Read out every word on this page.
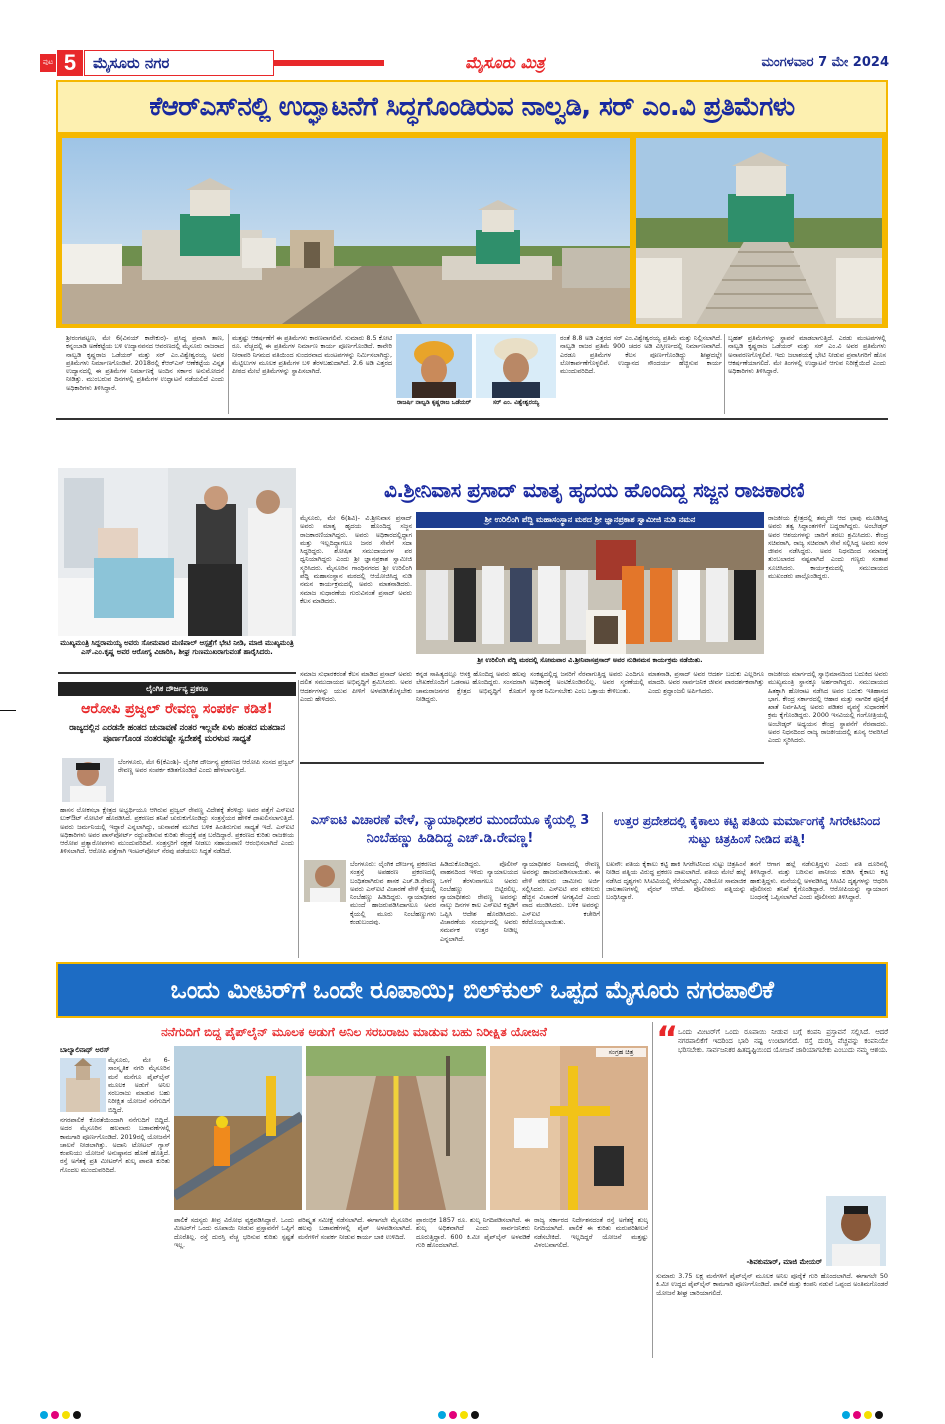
ಪುಟ 5	ಮೈಸೂರು ನಗರ	ಮೈಸೂರು ಮಿತ್ರ	ಮಂಗಳವಾರ 7 ಮೇ 2024
ಕೆಆರ್‌ಎಸ್‌ನಲ್ಲಿ ಉದ್ಘಾಟನೆಗೆ ಸಿದ್ಧಗೊಂಡಿರುವ ನಾಲ್ವಡಿ, ಸರ್ ಎಂ.ವಿ ಪ್ರತಿಮೆಗಳು
ಶ್ರೀರಂಗಪಟ್ಟಣ, ಮೇ 6(ವಿನಯ್ ಕಾರೇಕುರ)- ಪ್ರಸಿದ್ಧ ಪ್ರವಾಸಿ ತಾಣ, ಕನ್ನಂಬಾಡಿ ಅಣೆಕಟ್ಟೆಯ ಬಳಿ ಉದ್ಯಾನವನದ ಆವರಣದಲ್ಲಿ ಮೈಸೂರು ರಾಜರಾದ ನಾಲ್ವಡಿ ಕೃಷ್ಣರಾಜ ಒಡೆಯರ್ ಮತ್ತು ಸರ್ ಎಂ.ವಿಶ್ವೇಶ್ವರಯ್ಯ ಅವರ ಪ್ರತಿಮೆಗಳು ನಿರ್ಮಾಣಗೊಂಡಿವೆ. 2018ರಲ್ಲಿ ಕೆಆರ್‌ಎಸ್ ಆಣೆಕಟ್ಟೆಯ ವಿಸ್ತೃತ ಉದ್ಯಾನದಲ್ಲಿ ಈ ಪ್ರತಿಮೆಗಳ ನಿರ್ಮಾಣಕ್ಕೆ ಅಂದಿನ ಸರ್ಕಾರ ಅನುಮೋದನೆ ನೀಡಿತ್ತು. ಮುಂಬರುವ ದಿನಗಳಲ್ಲಿ ಪ್ರತಿಮೆಗಳ ಉದ್ಘಾಟನೆ ನಡೆಯಲಿದೆ ಎಂದು ಅಧಿಕಾರಿಗಳು ತಿಳಿಸಿದ್ದಾರೆ.
ಮತ್ತಷ್ಟು ಆಕರ್ಷಣೆಗೆ ಈ ಪ್ರತಿಮೆಗಳು ಕಾರಣವಾಗಲಿವೆ. ಸುಮಾರು 8.5 ಕೋಟಿ ರೂ. ವೆಚ್ಚದಲ್ಲಿ ಈ ಪ್ರತಿಮೆಗಳ ನಿರ್ಮಾಣ ಕಾರ್ಯ ಪೂರ್ಣಗೊಂಡಿದೆ. ಕಾವೇರಿ ನೀರಾವರಿ ನಿಗಮದ ವತಿಯಿಂದ ಸುಂದರವಾದ ಮಂಟಪಗಳನ್ನು ನಿರ್ಮಿಸಲಾಗಿದ್ದು, ಮೆಟ್ಟಿಲುಗಳ ಮೂಲಕ ಪ್ರತಿಮೆಗಳ ಬಳಿ ತೆರಳಬಹುದಾಗಿದೆ. 2.6 ಅಡಿ ಎತ್ತರದ ಪೀಠದ ಮೇಲೆ ಪ್ರತಿಮೆಗಳನ್ನು ಸ್ಥಾಪಿಸಲಾಗಿದೆ.
ರಾಜರ್ಷಿ ನಾಲ್ವಡಿ ಕೃಷ್ಣರಾಜ ಒಡೆಯರ್	ಸರ್ ಎಂ. ವಿಶ್ವೇಶ್ವರಯ್ಯ
ರಂತೆ 8.8 ಅಡಿ ಎತ್ತರದ ಸರ್ ಎಂ.ವಿಶ್ವೇಶ್ವರಯ್ಯ ಪ್ರತಿಮೆ ಮತ್ತು ನಿಲ್ಲಿಸಲಾಗಿದೆ. ನಾಲ್ವಡಿ ರಾಜರ ಪ್ರತಿಮೆ 900 ಚದರ ಅಡಿ ವಿಸ್ತೀರ್ಣದಲ್ಲಿ ನಿರ್ಮಾಣವಾಗಿದೆ. ಎರಡೂ ಪ್ರತಿಮೆಗಳ ಕೆಲಸ ಪೂರ್ಣಗೊಂಡಿದ್ದು ಶೀಘ್ರದಲ್ಲೇ ಲೋಕಾರ್ಪಣೆಗೊಳ್ಳಲಿವೆ. ಉದ್ಯಾನದ ಸೌಂದರ್ಯ ಹೆಚ್ಚಿಸುವ ಕಾರ್ಯ ಮುಂದುವರಿದಿದೆ.
ಬೃಹತ್ ಪ್ರತಿಮೆಗಳನ್ನು ಸ್ಥಾಪನೆ ಮಾಡಲಾಗುತ್ತಿದೆ. ಎರಡು ಮಂಟಪಗಳಲ್ಲಿ ನಾಲ್ವಡಿ ಕೃಷ್ಣರಾಜ ಒಡೆಯರ್ ಮತ್ತು ಸರ್ ಎಂ.ವಿ ಅವರ ಪ್ರತಿಮೆಗಳು ಅನಾವರಣಗೊಳ್ಳಲಿವೆ. ಇದು ಜಲಾಶಯಕ್ಕೆ ಭೇಟಿ ನೀಡುವ ಪ್ರವಾಸಿಗರಿಗೆ ಹೊಸ ಆಕರ್ಷಣೆಯಾಗಲಿದೆ. ಮೇ ತಿಂಗಳಲ್ಲಿ ಉದ್ಘಾಟನೆ ಆಗುವ ನಿರೀಕ್ಷೆಯಿದೆ ಎಂದು ಅಧಿಕಾರಿಗಳು ತಿಳಿಸಿದ್ದಾರೆ.
ಮುಖ್ಯಮಂತ್ರಿ ಸಿದ್ದರಾಮಯ್ಯ ಅವರು ಸೋಮವಾರ ಮಣಿಪಾಲ್ ಆಸ್ಪತ್ರೆಗೆ ಭೇಟಿ ನೀಡಿ, ಮಾಜಿ ಮುಖ್ಯಮಂತ್ರಿ ಎಸ್.ಎಂ.ಕೃಷ್ಣ ಅವರ ಆರೋಗ್ಯ ವಿಚಾರಿಸಿ, ಶೀಘ್ರ ಗುಣಮುಖರಾಗುವಂತೆ ಹಾರೈಸಿದರು.
ವಿ.ಶ್ರೀನಿವಾಸ ಪ್ರಸಾದ್ ಮಾತೃ ಹೃದಯ ಹೊಂದಿದ್ದ ಸಜ್ಜನ ರಾಜಕಾರಣಿ
ಮೈಸೂರು, ಮೇ 6(ಶಿವಿ)- ವಿ.ಶ್ರೀನಿವಾಸ ಪ್ರಸಾದ್ ಅವರು ಮಾತೃ ಹೃದಯ ಹೊಂದಿದ್ದ ಸಜ್ಜನ ರಾಜಕಾರಣಿಯಾಗಿದ್ದರು. ಅವರು ಅಧಿಕಾರದಲ್ಲಿದ್ದಾಗ ಮತ್ತು ಇಲ್ಲದಿದ್ದಾಗಲೂ ಜನರ ಸೇವೆಗೆ ಸದಾ ಸಿದ್ಧರಿದ್ದರು. ಶೋಷಿತ ಸಮುದಾಯಗಳ ಪರ ಧ್ವನಿಯಾಗಿದ್ದರು ಎಂದು ಶ್ರೀ ಜ್ಞಾನಪ್ರಕಾಶ ಸ್ವಾಮೀಜಿ ಸ್ಮರಿಸಿದರು. ಮೈಸೂರಿನ ಗಾಂಧಿನಗರದ ಶ್ರೀ ಉರಿಲಿಂಗಿ ಪೆದ್ದಿ ಮಹಾಸಂಸ್ಥಾನ ಮಠದಲ್ಲಿ ಆಯೋಜಿಸಿದ್ದ ನುಡಿ ನಮನ ಕಾರ್ಯಕ್ರಮದಲ್ಲಿ ಅವರು ಮಾತನಾಡಿದರು. ಸಮಾಜ ಸುಧಾರಣೆಯ ಗುರುವಿನಂತೆ ಪ್ರಸಾದ್ ಅವರು ಕೆಲಸ ಮಾಡಿದರು.
ಶ್ರೀ ಉರಿಲಿಂಗಿ ಪೆದ್ದಿ ಮಹಾಸಂಸ್ಥಾನ ಮಠದ ಶ್ರೀ ಜ್ಞಾನಪ್ರಕಾಶ ಸ್ವಾಮೀಜಿ ನುಡಿ ನಮನ
ಶ್ರೀ ಉರಿಲಿಂಗಿ ಪೆದ್ದಿ ಮಠದಲ್ಲಿ ಸೋಮವಾರ ವಿ.ಶ್ರೀನಿವಾಸಪ್ರಸಾದ್ ಅವರ ನುಡಿನಮನ ಕಾರ್ಯಕ್ರಮ ನಡೆಯಿತು.
ರಾಜಕೀಯ ಕ್ಷೇತ್ರದಲ್ಲಿ ತಮ್ಮದೇ ಆದ ಛಾಪು ಮೂಡಿಸಿದ್ದ ಅವರು ತತ್ವ ಸಿದ್ಧಾಂತಗಳಿಗೆ ಬದ್ಧರಾಗಿದ್ದರು. ಅಂಬೇಡ್ಕರ್ ಅವರ ಆಶಯಗಳನ್ನು ಜಾರಿಗೆ ತರಲು ಶ್ರಮಿಸಿದರು. ಕೇಂದ್ರ ಸಚಿವರಾಗಿ, ರಾಜ್ಯ ಸಚಿವರಾಗಿ ಸೇವೆ ಸಲ್ಲಿಸಿದ್ದ ಅವರು ಸರಳ ಜೀವನ ನಡೆಸಿದ್ದರು. ಅವರ ನಿಧನದಿಂದ ಸಮಾಜಕ್ಕೆ ತುಂಬಲಾರದ ನಷ್ಟವಾಗಿದೆ ಎಂದು ಗಣ್ಯರು ಸಂತಾಪ ಸೂಚಿಸಿದರು. ಕಾರ್ಯಕ್ರಮದಲ್ಲಿ ಸಮುದಾಯದ ಮುಖಂಡರು ಪಾಲ್ಗೊಂಡಿದ್ದರು.
ಸಮಾಜ ಸುಧಾರಕರಂತೆ ಕೆಲಸ ಮಾಡಿದ ಪ್ರಸಾದ್ ಅವರು ದಲಿತ ಸಮುದಾಯದ ಅಭಿವೃದ್ಧಿಗೆ ಶ್ರಮಿಸಿದರು. ಅವರ ಆದರ್ಶಗಳನ್ನು ಯುವ ಪೀಳಿಗೆ ಅಳವಡಿಸಿಕೊಳ್ಳಬೇಕು ಎಂದು ಹೇಳಿದರು.
ಕನ್ನಡ ಸಾಹಿತ್ಯದಲ್ಲೂ ಆಸಕ್ತಿ ಹೊಂದಿದ್ದ ಅವರು ಹಲವು ಲೇಖಕರೊಂದಿಗೆ ಒಡನಾಟ ಹೊಂದಿದ್ದರು. ಸಂಸದರಾಗಿ ಚಾಮರಾಜನಗರ ಕ್ಷೇತ್ರದ ಅಭಿವೃದ್ಧಿಗೆ ಕೊಡುಗೆ ನೀಡಿದ್ದರು.
ಸಂಕಷ್ಟದಲ್ಲಿದ್ದ ಜನರಿಗೆ ನೆರವಾಗುತ್ತಿದ್ದ ಅವರು ಎಂದಿಗೂ ಅಧಿಕಾರಕ್ಕೆ ಅಂಟಿಕೊಂಡಿರಲಿಲ್ಲ. ಅವರ ಸ್ಮರಣೆಯಲ್ಲಿ ಸ್ಮಾರಕ ನಿರ್ಮಿಸಬೇಕು ಎಂಬ ಒತ್ತಾಯ ಕೇಳಿಬಂತು.
ಮಾತನಾಡಿ, ಪ್ರಸಾದ್ ಅವರ ಆದರ್ಶ ಬದುಕು ಎಲ್ಲರಿಗೂ ಮಾದರಿ. ಅವರ ಸಾರ್ವಜನಿಕ ಜೀವನ ಪಾರದರ್ಶಕವಾಗಿತ್ತು ಎಂದು ಶ್ರದ್ಧಾಂಜಲಿ ಅರ್ಪಿಸಿದರು.
ರಾಜಕೀಯ ಮಾರ್ಗದಲ್ಲಿ ಸ್ವಾಭಿಮಾನದಿಂದ ಬದುಕಿದ ಅವರು ಮುಖ್ಯಮಂತ್ರಿ ಸ್ಥಾನಕ್ಕೂ ಅರ್ಹರಾಗಿದ್ದರು. ಸಮುದಾಯದ ಹಿತಕ್ಕಾಗಿ ಹೋರಾಟ ನಡೆಸಿದ ಅವರ ಬದುಕು ಇತಿಹಾಸದ ಭಾಗ. ಕೇಂದ್ರ ಸರ್ಕಾರದಲ್ಲಿ ಆಹಾರ ಮತ್ತು ನಾಗರಿಕ ಪೂರೈಕೆ ಖಾತೆ ನಿರ್ವಹಿಸಿದ್ದ ಅವರು ಪಡಿತರ ವ್ಯವಸ್ಥೆ ಸುಧಾರಣೆಗೆ ಕ್ರಮ ಕೈಗೊಂಡಿದ್ದರು. 2000 ಇಸವಿಯಲ್ಲಿ ಗಂಗೋತ್ರಿಯಲ್ಲಿ ಅಂಬೇಡ್ಕರ್ ಅಧ್ಯಯನ ಕೇಂದ್ರ ಸ್ಥಾಪನೆಗೆ ನೆರವಾದರು. ಅವರ ನಿಧನದಿಂದ ರಾಜ್ಯ ರಾಜಕೀಯದಲ್ಲಿ ಶೂನ್ಯ ಆವರಿಸಿದೆ ಎಂದು ಸ್ಮರಿಸಿದರು.
ಲೈಂಗಿಕ ದೌರ್ಜನ್ಯ ಪ್ರಕರಣ
ಆರೋಪಿ ಪ್ರಜ್ವಲ್ ರೇವಣ್ಣ ಸಂಪರ್ಕ ಕಡಿತ!
ರಾಜ್ಯದಲ್ಲಿನ ಎರಡನೇ ಹಂತದ ಚುನಾವಣೆ ನಂತರ ಇಲ್ಲವೇ ಏಳು ಹಂತದ ಮತದಾನ ಪೂರ್ಣಗೊಂಡ ನಂತರವಷ್ಟೇ ಸ್ವದೇಶಕ್ಕೆ ಮರಳುವ ಸಾಧ್ಯತೆ
ಬೆಂಗಳೂರು, ಮೇ 6(ಕೆಎಂಶಿ)- ಲೈಂಗಿಕ ದೌರ್ಜನ್ಯ ಪ್ರಕರಣದ ಆರೋಪಿ ಸಂಸದ ಪ್ರಜ್ವಲ್ ರೇವಣ್ಣ ಅವರ ಸಂಪರ್ಕ ಕಡಿತಗೊಂಡಿದೆ ಎಂದು ಹೇಳಲಾಗುತ್ತಿದೆ.
ಹಾಸನ ಲೋಕಸಭಾ ಕ್ಷೇತ್ರದ ಅಭ್ಯರ್ಥಿಯೂ ಆಗಿರುವ ಪ್ರಜ್ವಲ್ ರೇವಣ್ಣ ವಿದೇಶಕ್ಕೆ ತೆರಳಿದ್ದು ಅವರ ಪತ್ತೆಗೆ ಎಸ್‌ಐಟಿ ಲುಕ್‌ಔಟ್ ನೋಟಿಸ್ ಹೊರಡಿಸಿದೆ. ಪ್ರಕರಣದ ತನಿಖೆ ಚುರುಕುಗೊಂಡಿದ್ದು ಸಂತ್ರಸ್ತೆಯರ ಹೇಳಿಕೆ ದಾಖಲಿಸಲಾಗುತ್ತಿದೆ. ಅವರು ಜರ್ಮನಿಯಲ್ಲಿ ಇದ್ದಾರೆ ಎನ್ನಲಾಗಿದ್ದು, ಚುನಾವಣೆ ಮುಗಿದ ಬಳಿಕ ಹಿಂತಿರುಗುವ ಸಾಧ್ಯತೆ ಇದೆ. ಎಸ್‌ಐಟಿ ಅಧಿಕಾರಿಗಳು ಅವರ ಪಾಸ್‌ಪೋರ್ಟ್ ರದ್ದುಪಡಿಸುವ ಕುರಿತು ಕೇಂದ್ರಕ್ಕೆ ಪತ್ರ ಬರೆದಿದ್ದಾರೆ. ಪ್ರಕರಣದ ಕುರಿತು ರಾಜಕೀಯ ಆರೋಪ ಪ್ರತ್ಯಾರೋಪಗಳು ಮುಂದುವರಿದಿವೆ. ಸಂತ್ರಸ್ತರಿಗೆ ರಕ್ಷಣೆ ನೀಡಲು ಸಹಾಯವಾಣಿ ಆರಂಭಿಸಲಾಗಿದೆ ಎಂದು ತಿಳಿಸಲಾಗಿದೆ. ಆರೋಪಿ ಪತ್ತೆಗಾಗಿ ಇಂಟರ್‌ಪೋಲ್ ನೆರವು ಪಡೆಯಲು ಸಿದ್ಧತೆ ನಡೆದಿದೆ.
ಎಸ್ಐಟಿ ವಿಚಾರಣೆ ವೇಳೆ, ನ್ಯಾಯಾಧೀಶರ ಮುಂದೆಯೂ ಕೈಯಲ್ಲಿ 3 ನಿಂಬೆಹಣ್ಣು ಹಿಡಿದಿದ್ದ ಎಚ್.ಡಿ.ರೇವಣ್ಣ!
ಬೆಂಗಳೂರು: ಲೈಂಗಿಕ ದೌರ್ಜನ್ಯ ಪ್ರಕರಣದ ಸಂತ್ರಸ್ತೆ ಅಪಹರಣ ಪ್ರಕರಣದಲ್ಲಿ ಬಂಧಿತರಾಗಿರುವ ಶಾಸಕ ಎಚ್.ಡಿ.ರೇವಣ್ಣ ಅವರು ಎಸ್‌ಐಟಿ ವಿಚಾರಣೆ ವೇಳೆ ಕೈಯಲ್ಲಿ ನಿಂಬೆಹಣ್ಣು ಹಿಡಿದಿದ್ದರು. ನ್ಯಾಯಾಧೀಶರ ಮುಂದೆ ಹಾಜರುಪಡಿಸಿದಾಗಲೂ ಅವರ ಕೈಯಲ್ಲಿ ಮೂರು ನಿಂಬೆಹಣ್ಣುಗಳು ಕಂಡುಬಂದವು.
ಹಿಡಿದುಕೊಂಡಿದ್ದರು. ಪೊಲೀಸ್ ವಾಹನದಿಂದ ಇಳಿದು ನ್ಯಾಯಾಲಯದ ಒಳಗೆ ತೆರಳುವಾಗಲೂ ಅವರು ನಿಂಬೆಹಣ್ಣು ಬಿಟ್ಟಿರಲಿಲ್ಲ. ನ್ಯಾಯಾಧೀಶರು ರೇವಣ್ಣ ಅವರನ್ನು ನಾಲ್ಕು ದಿನಗಳ ಕಾಲ ಎಸ್‌ಐಟಿ ಕಸ್ಟಡಿಗೆ ಒಪ್ಪಿಸಿ ಆದೇಶ ಹೊರಡಿಸಿದರು. ವಿಚಾರಣೆಯ ಸಂದರ್ಭದಲ್ಲಿ ಅವರು ಸಮರ್ಪಕ ಉತ್ತರ ನೀಡಿಲ್ಲ ಎನ್ನಲಾಗಿದೆ.
ನ್ಯಾಯಾಧೀಶರ ನಿವಾಸದಲ್ಲಿ ರೇವಣ್ಣ ಅವರನ್ನು ಹಾಜರುಪಡಿಸಲಾಯಿತು. ಈ ವೇಳೆ ವಕೀಲರು ಜಾಮೀನು ಅರ್ಜಿ ಸಲ್ಲಿಸಿದರು. ಎಸ್‌ಐಟಿ ಪರ ವಕೀಲರು ಹೆಚ್ಚಿನ ವಿಚಾರಣೆ ಅಗತ್ಯವಿದೆ ಎಂದು ವಾದ ಮಂಡಿಸಿದರು. ಬಳಿಕ ಅವರನ್ನು ಎಸ್‌ಐಟಿ ಕಚೇರಿಗೆ ಕರೆದೊಯ್ಯಲಾಯಿತು.
ಉತ್ತರ ಪ್ರದೇಶದಲ್ಲಿ ಕೈಕಾಲು ಕಟ್ಟಿ ಪತಿಯ ಮರ್ಮಾಂಗಕ್ಕೆ ಸಿಗರೇಟಿನಿಂದ ಸುಟ್ಟು ಚಿತ್ರಹಿಂಸೆ ನೀಡಿದ ಪತ್ನಿ!
ಲಖನೌ: ಪತಿಯ ಕೈಕಾಲು ಕಟ್ಟಿ ಹಾಕಿ ಸಿಗರೇಟಿನಿಂದ ಸುಟ್ಟು ಚಿತ್ರಹಿಂಸೆ ನೀಡಿದ ಪತ್ನಿಯ ವಿರುದ್ಧ ಪ್ರಕರಣ ದಾಖಲಾಗಿದೆ. ಪತಿಯ ಮೇಲೆ ಹಲ್ಲೆ ನಡೆಸಿದ ದೃಶ್ಯಗಳು ಸಿಸಿಟಿವಿಯಲ್ಲಿ ಸೆರೆಯಾಗಿದ್ದು, ವಿಡಿಯೋ ಸಾಮಾಜಿಕ ಜಾಲತಾಣಗಳಲ್ಲಿ ವೈರಲ್ ಆಗಿದೆ. ಪೊಲೀಸರು ಪತ್ನಿಯನ್ನು ಬಂಧಿಸಿದ್ದಾರೆ.
ತನಗೆ ಆಗಾಗ ಹಲ್ಲೆ ನಡೆಸುತ್ತಿದ್ದಳು ಎಂದು ಪತಿ ದೂರಿನಲ್ಲಿ ತಿಳಿಸಿದ್ದಾರೆ. ಮತ್ತು ಬರಿಸುವ ಪಾನೀಯ ಕುಡಿಸಿ ಕೈಕಾಲು ಕಟ್ಟಿ ಹಾಕುತ್ತಿದ್ದಳು. ಮನೆಯಲ್ಲಿ ಅಳವಡಿಸಿದ್ದ ಸಿಸಿಟಿವಿ ದೃಶ್ಯಗಳನ್ನು ಆಧರಿಸಿ ಪೊಲೀಸರು ತನಿಖೆ ಕೈಗೊಂಡಿದ್ದಾರೆ. ಆರೋಪಿಯನ್ನು ನ್ಯಾಯಾಂಗ ಬಂಧನಕ್ಕೆ ಒಪ್ಪಿಸಲಾಗಿದೆ ಎಂದು ಪೊಲೀಸರು ತಿಳಿಸಿದ್ದಾರೆ.
ಒಂದು ಮೀಟರ್‌ಗೆ ಒಂದೇ ರೂಪಾಯಿ; ಬಿಲ್‌ಕುಲ್ ಒಪ್ಪದ ಮೈಸೂರು ನಗರಪಾಲಿಕೆ
ನನೆಗುದಿಗೆ ಬಿದ್ದ ಪೈಪ್‌ಲೈನ್ ಮೂಲಕ ಅಡುಗೆ ಅನಿಲ ಸರಬರಾಜು ಮಾಡುವ ಬಹು ನಿರೀಕ್ಷಿತ ಯೋಜನೆ
ಬಾಲ್ಯಾಲಿನಾಥ್ ಅರಸ್
ಮೈಸೂರು, ಮೇ 6- ಸಾಂಸ್ಕೃತಿಕ ನಗರಿ ಮೈಸೂರಿನ ಮನೆ ಮನೆಗೂ ಪೈಪ್‌ಲೈನ್ ಮೂಲಕ ಅಡುಗೆ ಅನಿಲ ಸರಬರಾಜು ಮಾಡುವ ಬಹು ನಿರೀಕ್ಷಿತ ಯೋಜನೆ ನನೆಗುದಿಗೆ ಬಿದ್ದಿದೆ.
ನಗರಪಾಲಿಕೆ ಕೊರತೆಯಿಂದಾಗಿ ನನೆಗುದಿಗೆ ಬಿದ್ದಿದೆ. ಅದರ ಮೈಸೂರಿನ ಹಲವಾರು ಬಡಾವಣೆಗಳಲ್ಲಿ ಕಾಮಗಾರಿ ಪೂರ್ಣಗೊಂಡಿದೆ. 2019ರಲ್ಲಿ ಯೋಜನೆಗೆ ಚಾಲನೆ ನೀಡಲಾಗಿತ್ತು. ಅದಾನಿ ಟೋಟಲ್ ಗ್ಯಾಸ್ ಕಂಪನಿಯು ಯೋಜನೆ ಅನುಷ್ಠಾನದ ಹೊಣೆ ಹೊತ್ತಿದೆ. ರಸ್ತೆ ಅಗೆತಕ್ಕೆ ಪ್ರತಿ ಮೀಟರ್‌ಗೆ ಶುಲ್ಕ ಪಾವತಿ ಕುರಿತು ಗೊಂದಲ ಮುಂದುವರಿದಿದೆ.
ಸಂಗ್ರಹ ಚಿತ್ರ
ಪಾಲಿಕೆ ಸದಸ್ಯರು ತೀವ್ರ ವಿರೋಧ ವ್ಯಕ್ತಪಡಿಸಿದ್ದಾರೆ. ಒಂದು ಮೀಟರ್‌ಗೆ ಒಂದು ರೂಪಾಯಿ ನೀಡುವ ಪ್ರಸ್ತಾವನೆಗೆ ಒಪ್ಪಿಗೆ ದೊರೆತಿಲ್ಲ. ರಸ್ತೆ ದುರಸ್ತಿ ವೆಚ್ಚ ಭರಿಸುವ ಕುರಿತು ಸ್ಪಷ್ಟತೆ ಇಲ್ಲ.
ಪರಿಷ್ಕೃತ ಸಮೀಕ್ಷೆ ನಡೆಸಲಾಗಿದೆ. ಈಗಾಗಲೇ ಮೈಸೂರಿನ ಹಲವು ಬಡಾವಣೆಗಳಲ್ಲಿ ಪೈಪ್ ಅಳವಡಿಸಲಾಗಿದೆ. ಮನೆಗಳಿಗೆ ಸಂಪರ್ಕ ನೀಡುವ ಕಾರ್ಯ ಬಾಕಿ ಉಳಿದಿದೆ.
ಪ್ರಾರಂಭಿಕ 1857 ರೂ. ಶುಲ್ಕ ನಿಗದಿಪಡಿಸಲಾಗಿದೆ. ಈ ಶುಲ್ಕ ಅಧಿಕವಾಗಿದೆ ಎಂದು ಸಾರ್ವಜನಿಕರು ದೂರುತ್ತಿದ್ದಾರೆ. 600 ಕಿ.ಮೀ ಪೈಪ್‌ಲೈನ್ ಅಳವಡಿಕೆ ಗುರಿ ಹೊಂದಲಾಗಿದೆ.
ರಾಜ್ಯ ಸರ್ಕಾರದ ನಿರ್ದೇಶನದಂತೆ ರಸ್ತೆ ಅಗೆತಕ್ಕೆ ಶುಲ್ಕ ನಿಗದಿಯಾಗಿದೆ. ಪಾಲಿಕೆ ಈ ಕುರಿತು ಮರುಪರಿಶೀಲನೆ ನಡೆಸಬೇಕಿದೆ. ಇಲ್ಲದಿದ್ದರೆ ಯೋಜನೆ ಮತ್ತಷ್ಟು ವಿಳಂಬವಾಗಲಿದೆ.
“ ಒಂದು ಮೀಟರ್‌ಗೆ ಒಂದು ರೂಪಾಯಿ ನೀಡುವ ಬಗ್ಗೆ ಕಂಪನಿ ಪ್ರಸ್ತಾವನೆ ಸಲ್ಲಿಸಿದೆ. ಆದರೆ ನಗರಪಾಲಿಕೆಗೆ ಇದರಿಂದ ಭಾರಿ ನಷ್ಟ ಉಂಟಾಗಲಿದೆ. ರಸ್ತೆ ದುರಸ್ತಿ ವೆಚ್ಚವನ್ನು ಕಂಪನಿಯೇ ಭರಿಸಬೇಕು. ಸಾರ್ವಜನಿಕರ ಹಿತದೃಷ್ಟಿಯಿಂದ ಯೋಜನೆ ಜಾರಿಯಾಗಬೇಕು ಎಂಬುದು ನಮ್ಮ ಆಶಯ.
-ಶಿವಕುಮಾರ್, ಮಾಜಿ ಮೇಯರ್
ಸುಮಾರು 3.75 ಲಕ್ಷ ಮನೆಗಳಿಗೆ ಪೈಪ್‌ಲೈನ್ ಮೂಲಕ ಅನಿಲ ಪೂರೈಕೆ ಗುರಿ ಹೊಂದಲಾಗಿದೆ. ಈಗಾಗಲೇ 50 ಕಿ.ಮೀ ಉದ್ದದ ಪೈಪ್‌ಲೈನ್ ಕಾಮಗಾರಿ ಪೂರ್ಣಗೊಂಡಿದೆ. ಪಾಲಿಕೆ ಮತ್ತು ಕಂಪನಿ ನಡುವೆ ಒಪ್ಪಂದ ಅಂತಿಮಗೊಂಡರೆ ಯೋಜನೆ ಶೀಘ್ರ ಜಾರಿಯಾಗಲಿದೆ.
